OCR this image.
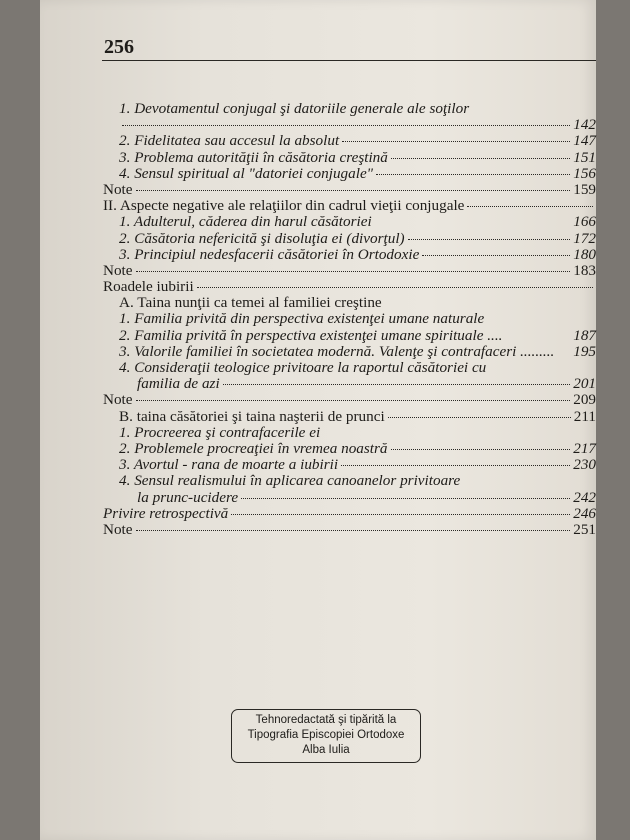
256
1. Devotamentul conjugal şi datoriile generale ale soţilor
142
2. Fidelitatea sau accesul la absolut	147
3. Problema autorităţii în căsătoria creştină	151
4. Sensul spiritual al "datoriei conjugale"	156
Note	159
II. Aspecte negative ale relaţiilor din cadrul vieţii conjugale
1. Adulterul, căderea din harul căsătoriei	166
2. Căsătoria nefericită şi disoluţia ei (divorţul)	172
3. Principiul nedesfacerii căsătoriei în Ortodoxie	180
Note	183
Roadele iubirii
A. Taina nunţii ca temei al familiei creştine
1. Familia privită din perspectiva existenţei umane naturale
2. Familia privită în perspectiva existenţei umane spirituale ....	187
3. Valorile familiei în societatea modernă. Valenţe şi contrafaceri ......... 195
4. Consideraţii teologice privitoare la raportul căsătoriei cu
familia de azi	201
Note	209
B. taina căsătoriei şi taina naşterii de prunci	211
1. Procreerea şi contrafacerile ei
2. Problemele procreaţiei în vremea noastră	217
3. Avortul - rana de moarte a iubirii	230
4. Sensul realismului în aplicarea canoanelor privitoare
la prunc-ucidere	242
Privire retrospectivă	246
Note	251
Tehnoredactată şi tipărită la
Tipografia Episcopiei Ortodoxe
Alba Iulia
